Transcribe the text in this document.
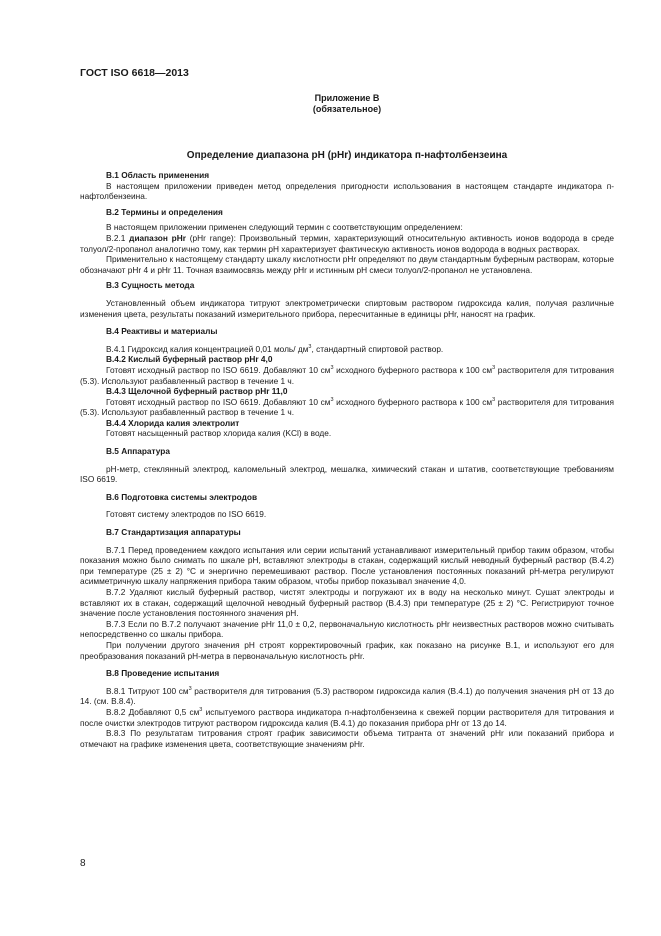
ГОСТ ISO 6618—2013
Приложение В
(обязательное)
Определение диапазона рН (pHr) индикатора п-нафтолбензеина
В.1 Область применения

В настоящем приложении приведен метод определения пригодности использования в настоящем стандарте индикатора п-нафтолбензеина.

В.2 Термины и определения

В настоящем приложении применен следующий термин с соответствующим определением:

В.2.1 диапазон рНr (pHr range): Произвольный термин, характеризующий относительную активность ионов водорода в среде толуол/2-пропанол аналогично тому, как термин рН характеризует фактическую активность ионов водорода в водных растворах.

Применительно к настоящему стандарту шкалу кислотности рНr определяют по двум стандартным буферным растворам, которые обозначают рНr 4 и рНr 11. Точная взаимосвязь между рНr и истинным рН смеси толуол/2-пропанол не установлена.

В.3 Сущность метода

Установленный объем индикатора титруют электрометрически спиртовым раствором гидроксида калия, получая различные изменения цвета, результаты показаний измерительного прибора, пересчитанные в единицы рНr, наносят на график.

В.4 Реактивы и материалы

В.4.1 Гидроксид калия концентрацией 0,01 моль/ $дм^3$, стандартный спиртовой раствор.

В.4.2 Кислый буферный раствор рНr 4,0

Готовят исходный раствор по ISO 6619. Добавляют 10 $см^3$ исходного буферного раствора к 100 $см^3$ растворителя для титрования (5.3). Используют разбавленный раствор в течение 1 ч.

В.4.3 Щелочной буферный раствор рНr 11,0

Готовят исходный раствор по ISO 6619. Добавляют 10 $см^3$ исходного буферного раствора к 100 $см^3$ растворителя для титрования (5.3). Используют разбавленный раствор в течение 1 ч.

В.4.4 Хлорида калия электролит

Готовят насыщенный раствор хлорида калия (KCl) в воде.

В.5 Аппаратура

рН-метр, стеклянный электрод, каломельный электрод, мешалка, химический стакан и штатив, соответствующие требованиям ISO 6619.

В.6 Подготовка системы электродов

Готовят систему электродов по ISO 6619.

В.7 Стандартизация аппаратуры

В.7.1 Перед проведением каждого испытания или серии испытаний устанавливают измерительный прибор таким образом, чтобы показания можно было снимать по шкале рН, вставляют электроды в стакан, содержащий кислый неводный буферный раствор (В.4.2) при температуре (25 ± 2) °С и энергично перемешивают раствор. После установления постоянных показаний рН-метра регулируют асимметричную шкалу напряжения прибора таким образом, чтобы прибор показывал значение 4,0.

В.7.2 Удаляют кислый буферный раствор, чистят электроды и погружают их в воду на несколько минут. Сушат электроды и вставляют их в стакан, содержащий щелочной неводный буферный раствор (В.4.3) при температуре (25 ± 2) °С. Регистрируют точное значение после установления постоянного значения рН.

В.7.3 Если по В.7.2 получают значение рНr 11,0 ± 0,2, первоначальную кислотность рНr неизвестных растворов можно считывать непосредственно со шкалы прибора.

При получении другого значения рН строят корректировочный график, как показано на рисунке В.1, и используют его для преобразования показаний рН-метра в первоначальную кислотность рНr.

В.8 Проведение испытания

В.8.1 Титруют 100 $см^3$ растворителя для титрования (5.3) раствором гидроксида калия (В.4.1) до получения значения рН от 13 до 14. (см. В.8.4).

В.8.2 Добавляют 0,5 $см^3$ испытуемого раствора индикатора п-нафтолбензеина к свежей порции растворителя для титрования и после очистки электродов титруют раствором гидроксида калия (В.4.1) до показания прибора рНr от 13 до 14.

В.8.3 По результатам титрования строят график зависимости объема титранта от значений рНr или показаний прибора и отмечают на графике изменения цвета, соответствующие значениям рНr.

8
